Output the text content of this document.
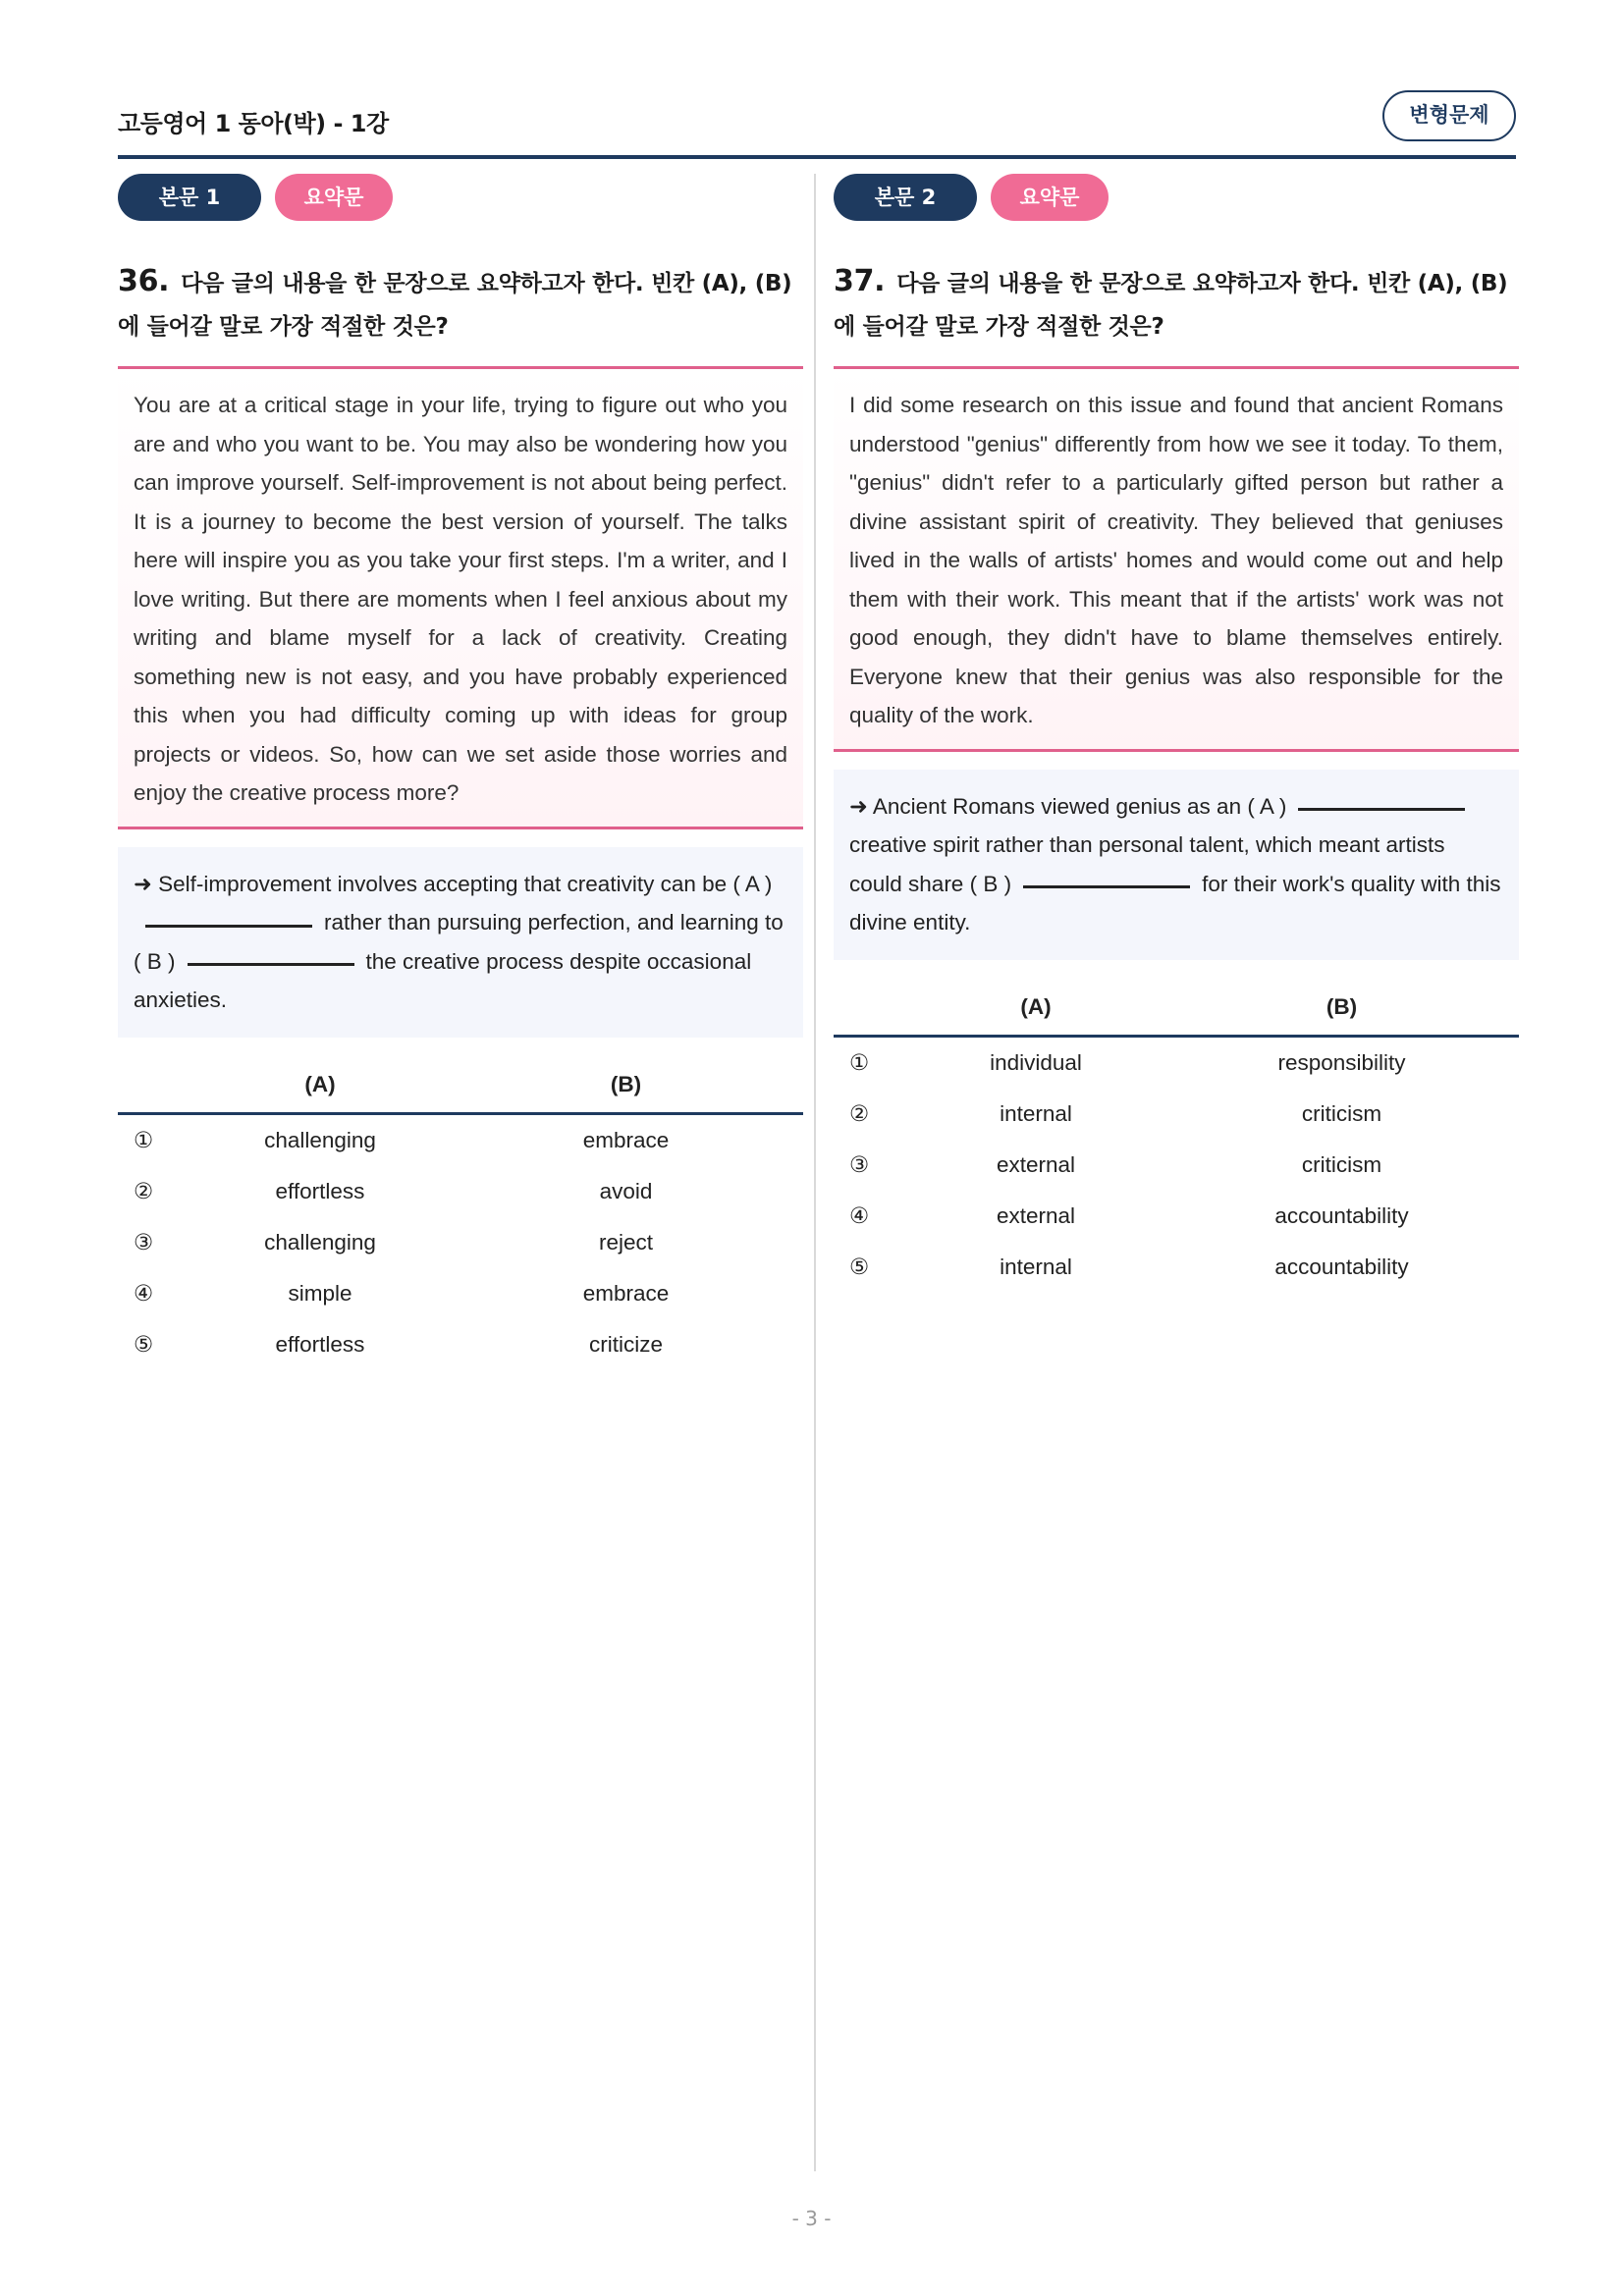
고등영어 1 동아(박) - 1강	변형문제
본문 1	요약문
36. 다음 글의 내용을 한 문장으로 요약하고자 한다. 빈칸 (A), (B)에 들어갈 말로 가장 적절한 것은?
You are at a critical stage in your life, trying to figure out who you are and who you want to be. You may also be wondering how you can improve yourself. Self-improvement is not about being perfect. It is a journey to become the best version of yourself. The talks here will inspire you as you take your first steps. I'm a writer, and I love writing. But there are moments when I feel anxious about my writing and blame myself for a lack of creativity. Creating something new is not easy, and you have probably experienced this when you had difficulty coming up with ideas for group projects or videos. So, how can we set aside those worries and enjoy the creative process more?
➜ Self-improvement involves accepting that creativity can be ( A )rather than pursuing perfection, and learning to ( B )	the creative process despite occasional anxieties.
	(A)	(B)
①	challenging	embrace
②	effortless	avoid
③	challenging	reject
④	simple	embrace
⑤	effortless	criticize
본문 2	요약문
37. 다음 글의 내용을 한 문장으로 요약하고자 한다. 빈칸 (A), (B)에 들어갈 말로 가장 적절한 것은?
I did some research on this issue and found that ancient Romans understood "genius" differently from how we see it today. To them, "genius" didn't refer to a particularly gifted person but rather a divine assistant spirit of creativity. They believed that geniuses lived in the walls of artists' homes and would come out and help them with their work. This meant that if the artists' work was not good enough, they didn't have to blame themselves entirely. Everyone knew that their genius was also responsible for the quality of the work.
➜ Ancient Romans viewed genius as an ( A )creative spirit rather than personal talent, which meant artists could share ( B )	for their work's quality with this divine entity.
	(A)	(B)
①	individual	responsibility
②	internal	criticism
③	external	criticism
④	external	accountability
⑤	internal	accountability
- 3 -
